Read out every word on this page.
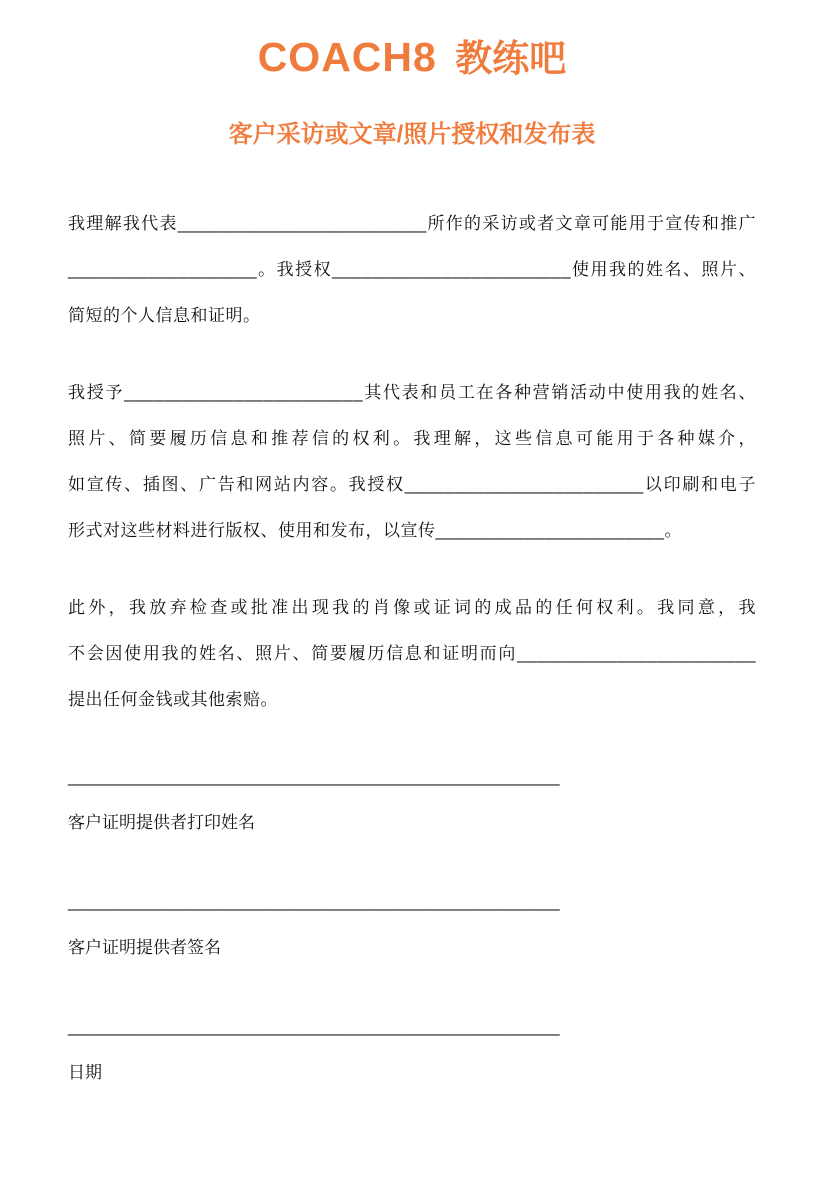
COACH8 教练吧
客户采访或文章/照片授权和发布表

我理解我代表_________________________所作的采访或者文章可能用于宣传和推广
___________________。我授权________________________使用我的姓名、照片、
简短的个人信息和证明。

我授予________________________其代表和员工在各种营销活动中使用我的姓名、
照片、简要履历信息和推荐信的权利。我理解，这些信息可能用于各种媒介，
如宣传、插图、广告和网站内容。我授权________________________以印刷和电子
形式对这些材料进行版权、使用和发布，以宣传_______________________。

此外，我放弃检查或批准出现我的肖像或证词的成品的任何权利。我同意，我
不会因使用我的姓名、照片、简要履历信息和证明而向________________________
提出任何金钱或其他索赔。

____________________________________________________
客户证明提供者打印姓名
____________________________________________________
客户证明提供者签名
____________________________________________________
日期
